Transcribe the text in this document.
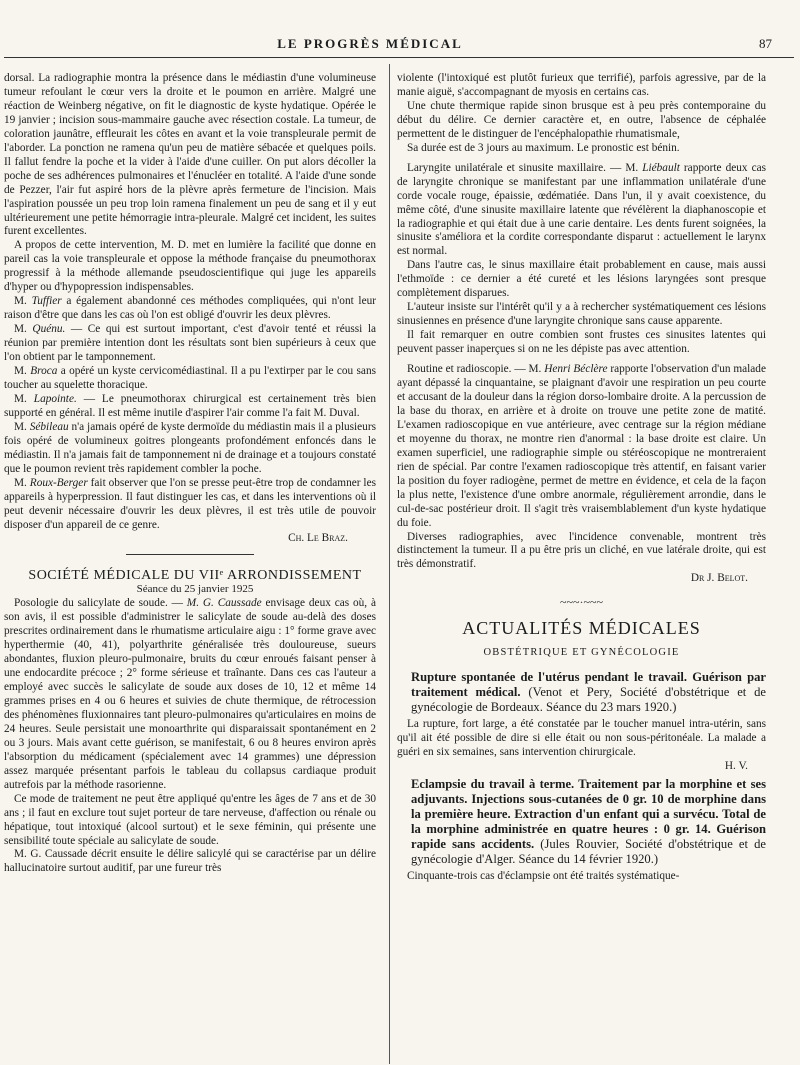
LE PROGRÈS MÉDICAL	87

dorsal. La radiographie montra la présence dans le médiastin d'une volumineuse tumeur refoulant le cœur vers la droite et le poumon en arrière. Malgré une réaction de Weinberg négative, on fit le diagnostic de kyste hydatique. Opérée le 19 janvier ; incision sous-mammaire gauche avec résection costale. La tumeur, de coloration jaunâtre, effleurait les côtes en avant et la voie transpleurale permit de l'aborder. La ponction ne ramena qu'un peu de matière sébacée et quelques poils. Il fallut fendre la poche et la vider à l'aide d'une cuiller. On put alors décoller la poche de ses adhérences pulmonaires et l'énucléer en totalité. A l'aide d'une sonde de Pezzer, l'air fut aspiré hors de la plèvre après fermeture de l'incision. Mais l'aspiration poussée un peu trop loin ramena finalement un peu de sang et il y eut ultérieurement une petite hémorragie intra-pleurale. Malgré cet incident, les suites furent excellentes.

A propos de cette intervention, M. D. met en lumière la facilité que donne en pareil cas la voie transpleurale et oppose la méthode française du pneumothorax progressif à la méthode allemande pseudoscientifique qui juge les appareils d'hyper ou d'hypopression indispensables.

M. Tuffier a également abandonné ces méthodes compliquées, qui n'ont leur raison d'être que dans les cas où l'on est obligé d'ouvrir les deux plèvres.

M. Quénu. — Ce qui est surtout important, c'est d'avoir tenté et réussi la réunion par première intention dont les résultats sont bien supérieurs à ceux que l'on obtient par le tamponnement.

M. Broca a opéré un kyste cervicomédiastinal. Il a pu l'extirper par le cou sans toucher au squelette thoracique.

M. Lapointe. — Le pneumothorax chirurgical est certainement très bien supporté en général. Il est même inutile d'aspirer l'air comme l'a fait M. Duval.

M. Sébileau n'a jamais opéré de kyste dermoïde du médiastin mais il a plusieurs fois opéré de volumineux goitres plongeants profondément enfoncés dans le médiastin. Il n'a jamais fait de tamponnement ni de drainage et a toujours constaté que le poumon revient très rapidement combler la poche.

M. Roux-Berger fait observer que l'on se presse peut-être trop de condamner les appareils à hyperpression. Il faut distinguer les cas, et dans les interventions où il peut devenir nécessaire d'ouvrir les deux plèvres, il est très utile de pouvoir disposer d'un appareil de ce genre.

Ch. Le Braz.

SOCIÉTÉ MÉDICALE DU VIIᵉ ARRONDISSEMENT

Séance du 25 janvier 1925

Posologie du salicylate de soude. — M. G. Caussade envisage deux cas où, à son avis, il est possible d'administrer le salicylate de soude au-delà des doses prescrites ordinairement dans le rhumatisme articulaire aigu : 1° forme grave avec hyperthermie (40, 41), polyarthrite généralisée très douloureuse, sueurs abondantes, fluxion pleuro-pulmonaire, bruits du cœur enroués faisant penser à une endocardite précoce ; 2° forme sérieuse et traînante. Dans ces cas l'auteur a employé avec succès le salicylate de soude aux doses de 10, 12 et même 14 grammes prises en 4 ou 6 heures et suivies de chute thermique, de rétrocession des phénomènes fluxionnaires tant pleuro-pulmonaires qu'articulaires en moins de 24 heures. Seule persistait une monoarthrite qui disparaissait spontanément en 2 ou 3 jours. Mais avant cette guérison, se manifestait, 6 ou 8 heures environ après l'absorption du médicament (spécialement avec 14 grammes) une dépression assez marquée présentant parfois le tableau du collapsus cardiaque produit autrefois par la méthode rasorienne.

Ce mode de traitement ne peut être appliqué qu'entre les âges de 7 ans et de 30 ans ; il faut en exclure tout sujet porteur de tare nerveuse, d'affection ou rénale ou hépatique, tout intoxiqué (alcool surtout) et le sexe féminin, qui présente une sensibilité toute spéciale au salicylate de soude.

M. G. Caussade décrit ensuite le délire salicylé qui se caractérise par un délire hallucinatoire surtout auditif, par une fureur très

violente (l'intoxiqué est plutôt furieux que terrifié), parfois agressive, par de la manie aiguë, s'accompagnant de myosis en certains cas.

Une chute thermique rapide sinon brusque est à peu près contemporaine du début du délire. Ce dernier caractère et, en outre, l'absence de céphalée permettent de le distinguer de l'encéphalopathie rhumatismale,

Sa durée est de 3 jours au maximum. Le pronostic est bénin.

Laryngite unilatérale et sinusite maxillaire. — M. Liébault rapporte deux cas de laryngite chronique se manifestant par une inflammation unilatérale d'une corde vocale rouge, épaissie, œdématiée. Dans l'un, il y avait coexistence, du même côté, d'une sinusite maxillaire latente que révélèrent la diaphanoscopie et la radiographie et qui était due à une carie dentaire. Les dents furent soignées, la sinusite s'améliora et la cordite correspondante disparut : actuellement le larynx est normal.

Dans l'autre cas, le sinus maxillaire était probablement en cause, mais aussi l'ethmoïde : ce dernier a été cureté et les lésions laryngées sont presque complètement disparues.

L'auteur insiste sur l'intérêt qu'il y a à rechercher systématiquement ces lésions sinusiennes en présence d'une laryngite chronique sans cause apparente.

Il fait remarquer en outre combien sont frustes ces sinusites latentes qui peuvent passer inaperçues si on ne les dépiste pas avec attention.

Routine et radioscopie. — M. Henri Béclère rapporte l'observation d'un malade ayant dépassé la cinquantaine, se plaignant d'avoir une respiration un peu courte et accusant de la douleur dans la région dorso-lombaire droite. A la percussion de la base du thorax, en arrière et à droite on trouve une petite zone de matité. L'examen radioscopique en vue antérieure, avec centrage sur la région médiane et moyenne du thorax, ne montre rien d'anormal : la base droite est claire. Un examen superficiel, une radiographie simple ou stéréoscopique ne montreraient rien de spécial. Par contre l'examen radioscopique très attentif, en faisant varier la position du foyer radiogène, permet de mettre en évidence, et cela de la façon la plus nette, l'existence d'une ombre anormale, régulièrement arrondie, dans le cul-de-sac postérieur droit. Il s'agit très vraisemblablement d'un kyste hydatique du foie.

Diverses radiographies, avec l'incidence convenable, montrent très distinctement la tumeur. Il a pu être pris un cliché, en vue latérale droite, qui est très démonstratif.

Dr J. Belot.

~~~·~~~
ACTUALITÉS MÉDICALES
OBSTÉTRIQUE ET GYNÉCOLOGIE

Rupture spontanée de l'utérus pendant le travail. Guérison par traitement médical. (Venot et Pery, Société d'obstétrique et de gynécologie de Bordeaux. Séance du 23 mars 1920.)

La rupture, fort large, a été constatée par le toucher manuel intra-utérin, sans qu'il ait été possible de dire si elle était ou non sous-péritonéale. La malade a guéri en six semaines, sans intervention chirurgicale.

H. V.

Eclampsie du travail à terme. Traitement par la morphine et ses adjuvants. Injections sous-cutanées de 0 gr. 10 de morphine dans la première heure. Extraction d'un enfant qui a survécu. Total de la morphine administrée en quatre heures : 0 gr. 14. Guérison rapide sans accidents. (Jules Rouvier, Société d'obstétrique et de gynécologie d'Alger. Séance du 14 février 1920.)

Cinquante-trois cas d'éclampsie ont été traités systématique-
